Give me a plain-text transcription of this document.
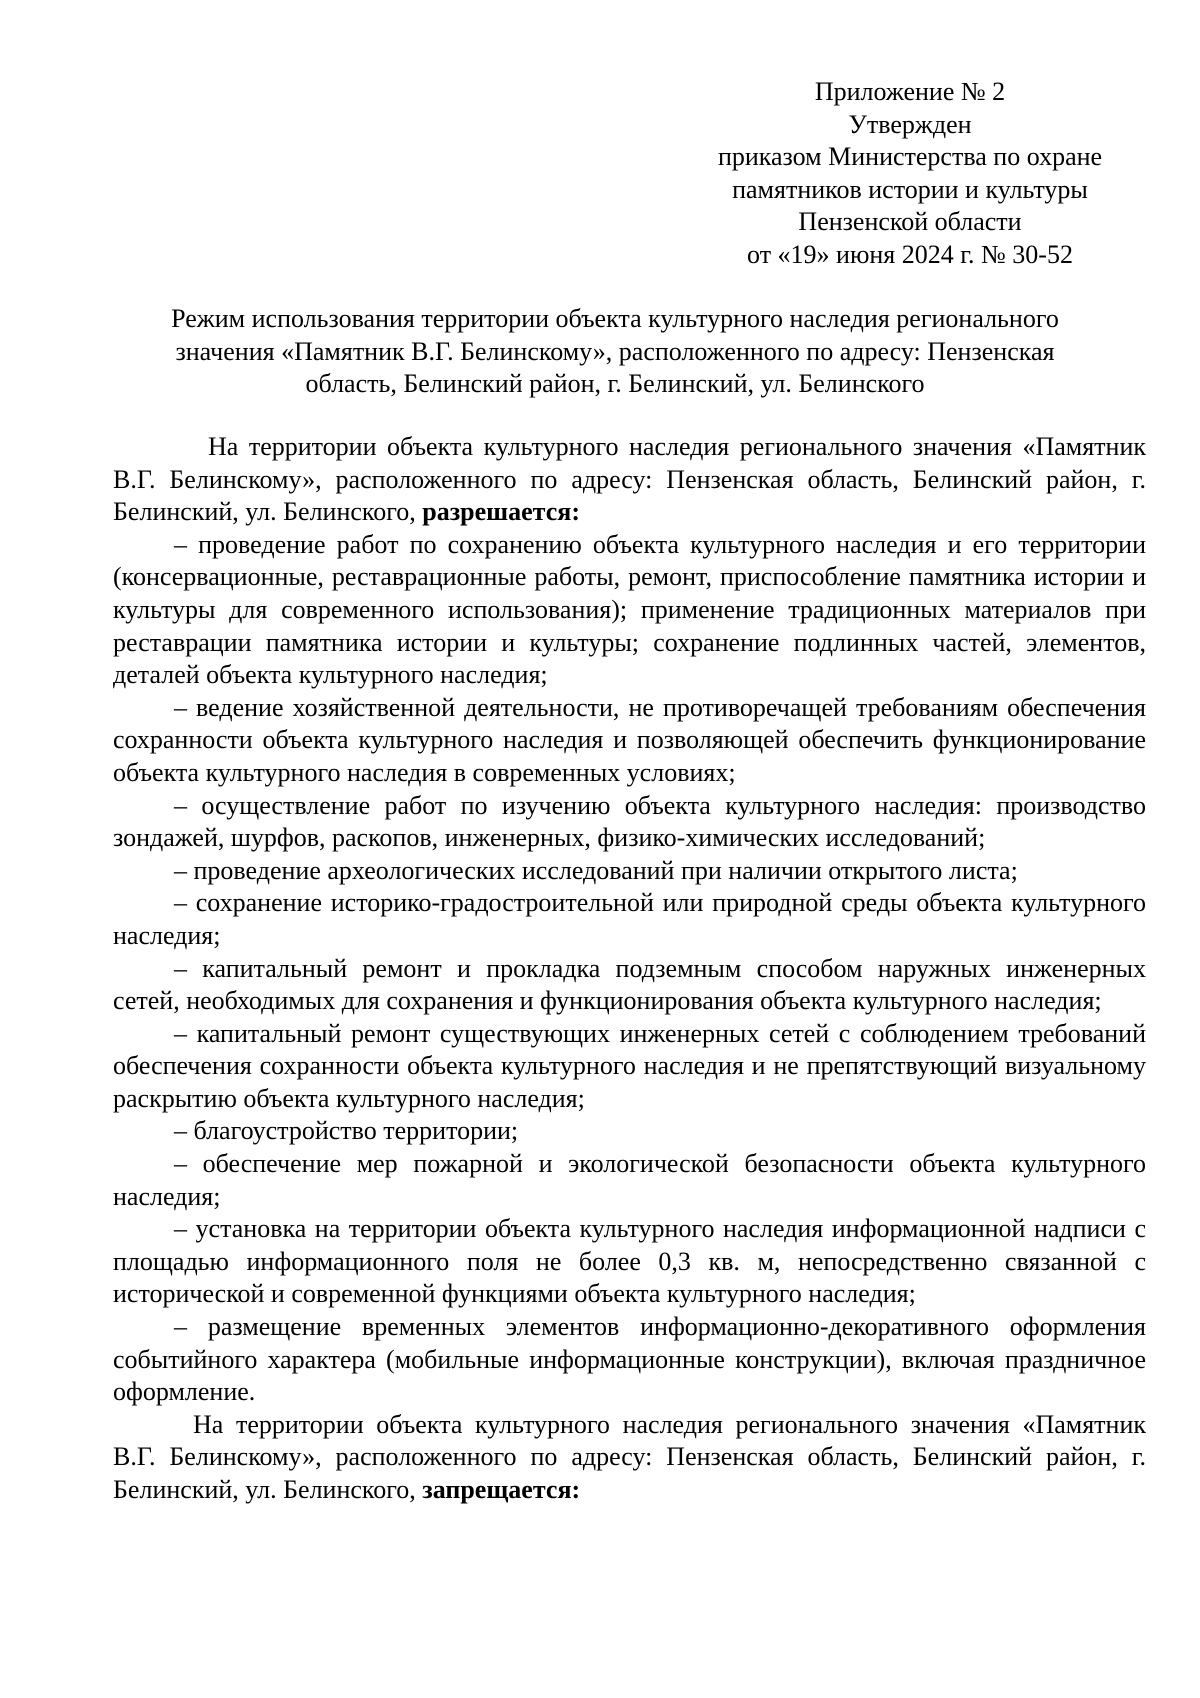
Приложение № 2
Утвержден
приказом Министерства по охране
памятников истории и культуры
Пензенской области
от «19» июня 2024 г. № 30-52
Режим использования территории объекта культурного наследия регионального
значения «Памятник В.Г. Белинскому», расположенного по адресу: Пензенская
область, Белинский район, г. Белинский, ул. Белинского

На территории объекта культурного наследия регионального значения «Памятник В.Г. Белинскому», расположенного по адресу: Пензенская область, Белинский район, г. Белинский, ул. Белинского, разрешается:

– проведение работ по сохранению объекта культурного наследия и его территории (консервационные, реставрационные работы, ремонт, приспособление памятника истории и культуры для современного использования); применение традиционных материалов при реставрации памятника истории и культуры; сохранение подлинных частей, элементов, деталей объекта культурного наследия;

– ведение хозяйственной деятельности, не противоречащей требованиям обеспечения сохранности объекта культурного наследия и позволяющей обеспечить функционирование объекта культурного наследия в современных условиях;

– осуществление работ по изучению объекта культурного наследия: производство зондажей, шурфов, раскопов, инженерных, физико-химических исследований;

– проведение археологических исследований при наличии открытого листа;

– сохранение историко-градостроительной или природной среды объекта культурного наследия;

– капитальный ремонт и прокладка подземным способом наружных инженерных сетей, необходимых для сохранения и функционирования объекта культурного наследия;

– капитальный ремонт существующих инженерных сетей с соблюдением требований обеспечения сохранности объекта культурного наследия и не препятствующий визуальному раскрытию объекта культурного наследия;

– благоустройство территории;

– обеспечение мер пожарной и экологической безопасности объекта культурного наследия;

– установка на территории объекта культурного наследия информационной надписи с площадью информационного поля не более 0,3 кв. м, непосредственно связанной с исторической и современной функциями объекта культурного наследия;

– размещение временных элементов информационно-декоративного оформления событийного характера (мобильные информационные конструкции), включая праздничное оформление.

На территории объекта культурного наследия регионального значения «Памятник В.Г. Белинскому», расположенного по адресу: Пензенская область, Белинский район, г. Белинский, ул. Белинского, запрещается:
